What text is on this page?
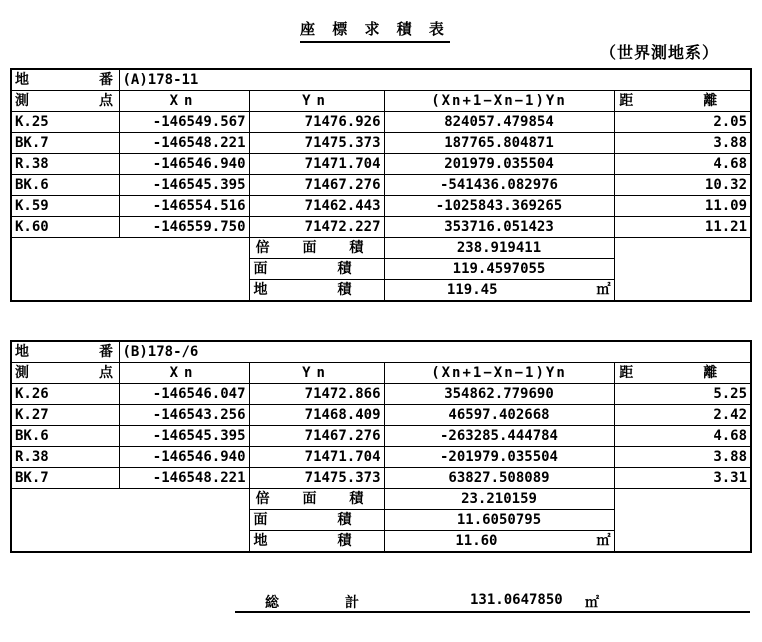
座 標 求 積 表
（世界測地系）
地　番	(A)178-11			
測　点	Xn	Yn	(Xn+1−Xn−1)Yn	距　離
K.25	-146549.567	71476.926	824057.479854	2.05
BK.7	-146548.221	71475.373	187765.804871	3.88
R.38	-146546.940	71471.704	201979.035504	4.68
BK.6	-146545.395	71467.276	-541436.082976	10.32
K.59	-146554.516	71462.443	-1025843.369265	11.09
K.60	-146559.750	71472.227	353716.051423	11.21
		倍 面 積	238.919411	
		面　積	119.4597055	
		地　積	119.45 ㎡	
地　番	(B)178-/6			
測　点	Xn	Yn	(Xn+1−Xn−1)Yn	距　離
K.26	-146546.047	71472.866	354862.779690	5.25
K.27	-146543.256	71468.409	46597.402668	2.42
BK.6	-146545.395	71467.276	-263285.444784	4.68
R.38	-146546.940	71471.704	-201979.035504	3.88
BK.7	-146548.221	71475.373	63827.508089	3.31
		倍 面 積	23.210159	
		面　積	11.6050795	
		地　積	11.60 ㎡	
総　計	131.0647850 ㎡
